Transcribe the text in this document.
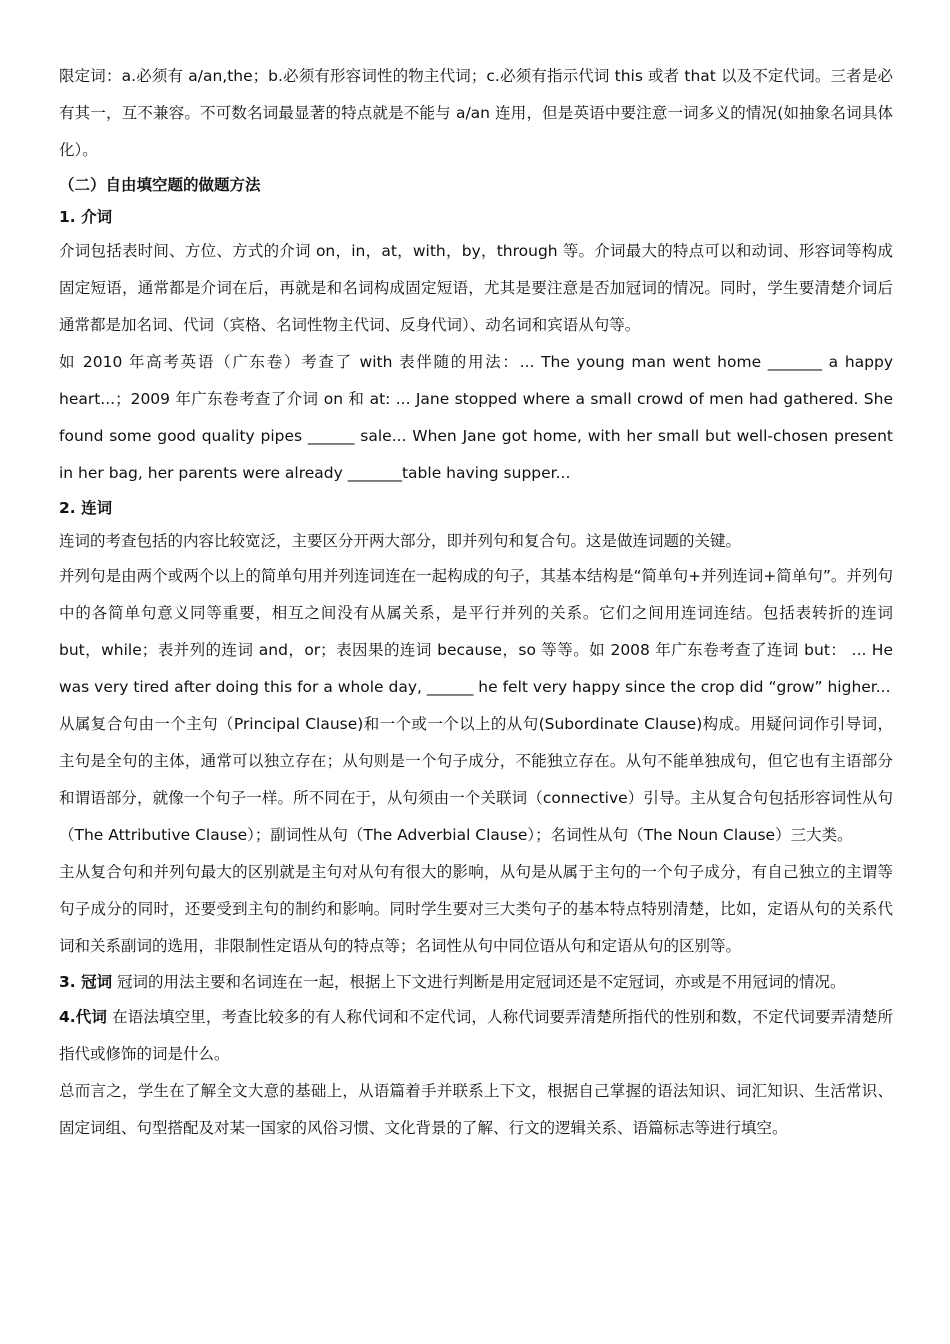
限定词：a.必须有 a/an,the；b.必须有形容词性的物主代词；c.必须有指示代词 this 或者 that 以及不定代词。三者是必有其一，互不兼容。不可数名词最显著的特点就是不能与 a/an 连用，但是英语中要注意一词多义的情况(如抽象名词具体化）。

（二）自由填空题的做题方法

1. 介词

介词包括表时间、方位、方式的介词 on，in，at，with，by，through 等。介词最大的特点可以和动词、形容词等构成固定短语，通常都是介词在后，再就是和名词构成固定短语，尤其是要注意是否加冠词的情况。同时，学生要清楚介词后通常都是加名词、代词（宾格、名词性物主代词、反身代词）、动名词和宾语从句等。

如 2010 年高考英语（广东卷）考查了 with 表伴随的用法：... The young man went home _______ a happy heart...；2009 年广东卷考查了介词 on 和 at: ... Jane stopped where a small crowd of men had gathered. She found some good quality pipes ______ sale... When Jane got home, with her small but well-chosen present in her bag, her parents were already _______table having supper...

2. 连词

连词的考查包括的内容比较宽泛，主要区分开两大部分，即并列句和复合句。这是做连词题的关键。

并列句是由两个或两个以上的简单句用并列连词连在一起构成的句子，其基本结构是“简单句+并列连词+简单句”。并列句中的各简单句意义同等重要，相互之间没有从属关系，是平行并列的关系。它们之间用连词连结。包括表转折的连词 but，while；表并列的连词 and，or；表因果的连词 because，so 等等。如 2008 年广东卷考查了连词 but： ... He was very tired after doing this for a whole day, ______ he felt very happy since the crop did “grow” higher...

从属复合句由一个主句（Principal Clause)和一个或一个以上的从句(Subordinate Clause)构成。用疑问词作引导词，主句是全句的主体，通常可以独立存在；从句则是一个句子成分，不能独立存在。从句不能单独成句，但它也有主语部分和谓语部分，就像一个句子一样。所不同在于，从句须由一个关联词（connective）引导。主从复合句包括形容词性从句（The Attributive Clause）；副词性从句（The Adverbial Clause）；名词性从句（The Noun Clause）三大类。

主从复合句和并列句最大的区别就是主句对从句有很大的影响，从句是从属于主句的一个句子成分，有自己独立的主谓等句子成分的同时，还要受到主句的制约和影响。同时学生要对三大类句子的基本特点特别清楚，比如，定语从句的关系代词和关系副词的选用，非限制性定语从句的特点等；名词性从句中同位语从句和定语从句的区别等。

3. 冠词 冠词的用法主要和名词连在一起，根据上下文进行判断是用定冠词还是不定冠词，亦或是不用冠词的情况。

4.代词 在语法填空里，考查比较多的有人称代词和不定代词，人称代词要弄清楚所指代的性别和数，不定代词要弄清楚所指代或修饰的词是什么。

总而言之，学生在了解全文大意的基础上，从语篇着手并联系上下文，根据自己掌握的语法知识、词汇知识、生活常识、固定词组、句型搭配及对某一国家的风俗习惯、文化背景的了解、行文的逻辑关系、语篇标志等进行填空。
